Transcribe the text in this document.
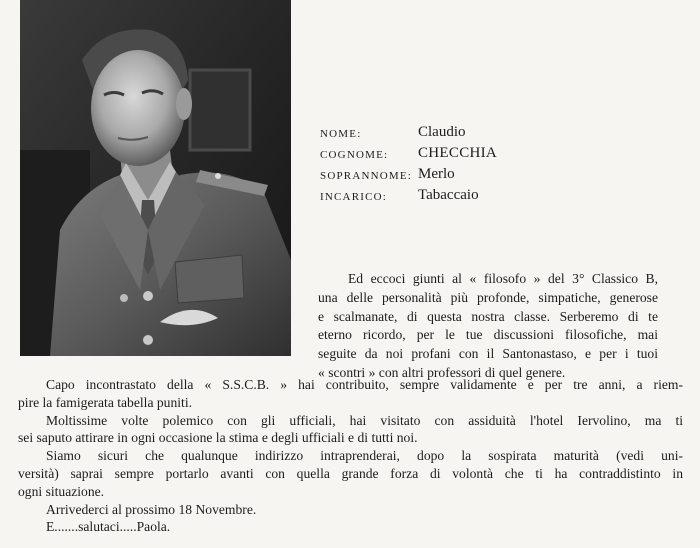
NOME:	Claudio
COGNOME: CHECCHIA
SOPRANNOME: Merlo
INCARICO: Tabaccaio

Ed eccoci giunti al « filosofo » del 3° Classico B,
una delle personalità più profonde, simpatiche, generose
e scalmanate, di questa nostra classe. Serberemo di te
eterno ricordo, per le tue discussioni filosofiche, mai
seguite da noi profani con il Santonastaso, e per i tuoi
« scontri » con altri professori di quel genere.

Capo incontrastato della « S.S.C.B. » hai contribuito, sempre validamente e per tre anni, a riem-
pire la famigerata tabella puniti.
Moltissime volte polemico con gli ufficiali, hai visitato con assiduità l'hotel Iervolino, ma ti
sei saputo attirare in ogni occasione la stima e degli ufficiali e di tutti noi.
Siamo sicuri che qualunque indirizzo intraprenderai, dopo la sospirata maturità (vedi uni-
versità) saprai sempre portarlo avanti con quella grande forza di volontà che ti ha contraddistinto in
ogni situazione.
Arrivederci al prossimo 18 Novembre.
E.......salutaci.....Paola.
